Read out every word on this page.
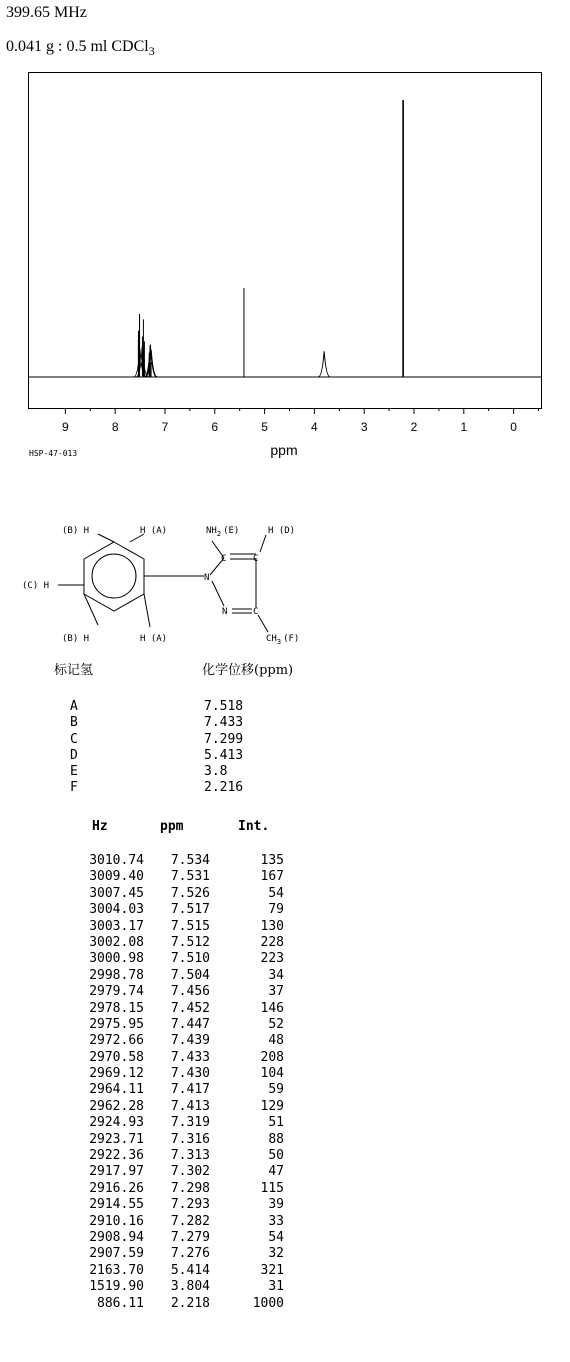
399.65 MHz
0.041 g : 0.5 ml CDCl$_3$
9	8	7	6	5	4	3	2	1	0
ppm
HSP-47-013
(B) H	H (A)
(C) H
(B) H	H (A)
$NH_2$ (E)	H (D)
C	C
N
N	C
$CH_3$ (F)
标记氢	化学位移(ppm)
A	7.518
B	7.433
C	7.299
D	5.413
E	3.8
F	2.216
Hz	ppm	Int.
3010.74 7.534	135
3009.40 7.531	167
3007.45 7.526	54
3004.03 7.517	79
3003.17 7.515	130
3002.08 7.512	228
3000.98 7.510	223
2998.78 7.504	34
2979.74 7.456	37
2978.15 7.452	146
2975.95 7.447	52
2972.66 7.439	48
2970.58 7.433	208
2969.12 7.430	104
2964.11 7.417	59
2962.28 7.413	129
2924.93 7.319	51
2923.71 7.316	88
2922.36 7.313	50
2917.97 7.302	47
2916.26 7.298	115
2914.55 7.293	39
2910.16 7.282	33
2908.94 7.279	54
2907.59 7.276	32
2163.70 5.414	321
1519.90 3.804	31
886.11 2.218	1000
